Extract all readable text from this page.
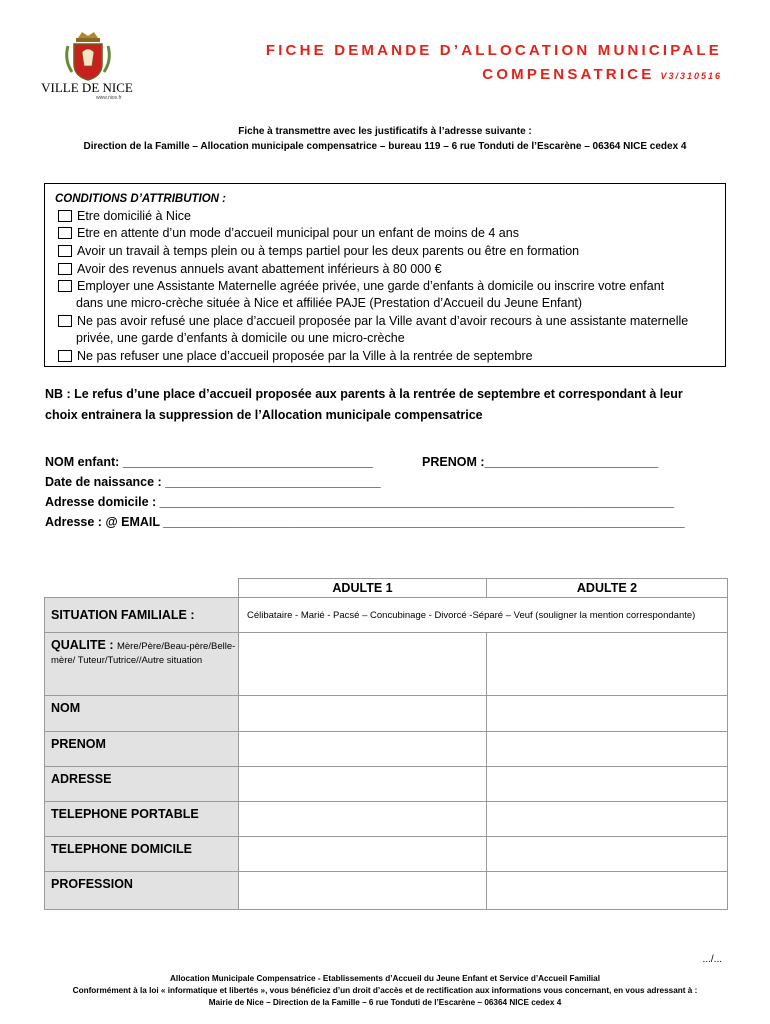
VILLE DE NICE
www.nice.fr
FICHE DEMANDE D’ALLOCATION MUNICIPALE
COMPENSATRICE V3/310516
Fiche à transmettre avec les justificatifs à l’adresse suivante :
Direction de la Famille – Allocation municipale compensatrice – bureau 119 – 6 rue Tonduti de l’Escarène – 06364 NICE cedex 4
CONDITIONS D’ATTRIBUTION :
Etre domicilié à Nice
Etre en attente d’un mode d’accueil municipal pour un enfant de moins de 4 ans
Avoir un travail à temps plein ou à temps partiel pour les deux parents ou être en formation
Avoir des revenus annuels avant abattement inférieurs à 80 000 €
Employer une Assistante Maternelle agréée privée, une garde d’enfants à domicile ou inscrire votre enfant
dans une micro-crèche située à Nice et affiliée PAJE (Prestation d’Accueil du Jeune Enfant)
Ne pas avoir refusé une place d’accueil proposée par la Ville avant d’avoir recours à une assistante maternelle
privée, une garde d’enfants à domicile ou une micro-crèche
Ne pas refuser une place d’accueil proposée par la Ville à la rentrée de septembre
NB : Le refus d’une place d’accueil proposée aux parents à la rentrée de septembre et correspondant à leur
choix entrainera la suppression de l’Allocation municipale compensatrice
NOM enfant: ____________________________________	PRENOM :_________________________
Date de naissance : _______________________________
Adresse domicile : __________________________________________________________________________
Adresse : @ EMAIL ___________________________________________________________________________
	ADULTE 1	ADULTE 2
SITUATION FAMILIALE :	Célibataire - Marié - Pacsé – Concubinage - Divorcé -Séparé – Veuf (souligner la mention correspondante)	
QUALITE : Mère/Père/Beau-père/Belle-mère/ Tuteur/Tutrice//Autre situation		
NOM		
PRENOM		
ADRESSE		
TELEPHONE PORTABLE		
TELEPHONE DOMICILE		
PROFESSION		
.../...
Allocation Municipale Compensatrice - Etablissements d’Accueil du Jeune Enfant et Service d’Accueil Familial
Conformément à la loi « informatique et libertés », vous bénéficiez d’un droit d’accès et de rectification aux informations vous concernant, en vous adressant à :
Mairie de Nice – Direction de la Famille – 6 rue Tonduti de l’Escarène – 06364 NICE cedex 4
